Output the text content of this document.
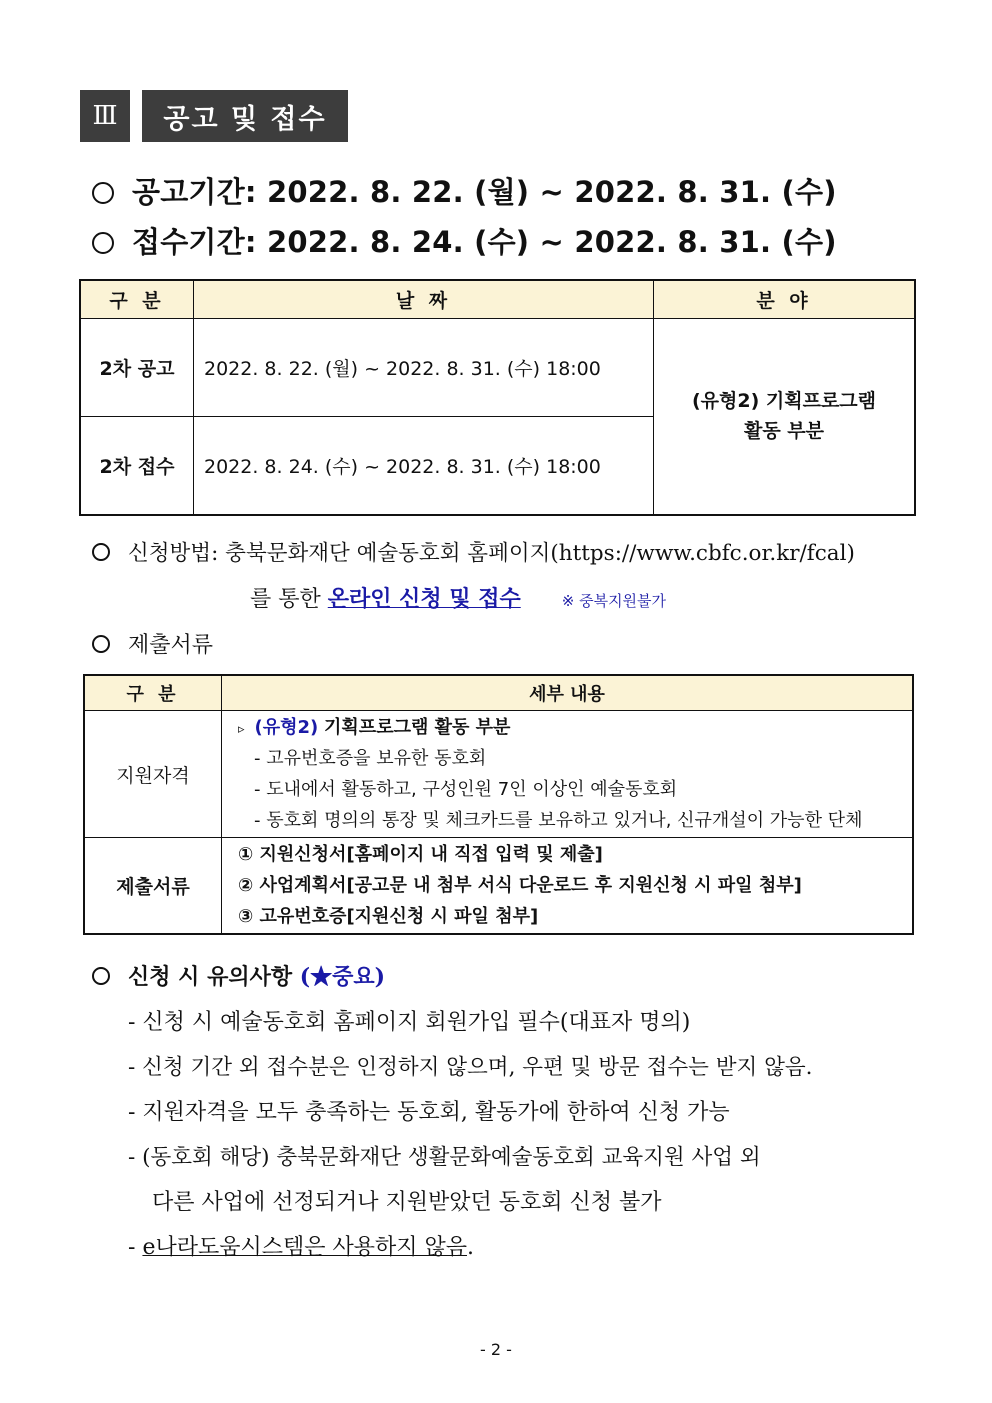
Ⅲ	공고 및 접수
공고기간: 2022. 8. 22. (월) ~ 2022. 8. 31. (수)
접수기간: 2022. 8. 24. (수) ~ 2022. 8. 31. (수)
구 분	날 짜	분 야
2차 공고	2022. 8. 22. (월) ~ 2022. 8. 31. (수) 18:00	(유형2) 기획프로그램
활동 부분

2차 접수	2022. 8. 24. (수) ~ 2022. 8. 31. (수) 18:00	
신청방법: 충북문화재단 예술동호회 홈페이지(https://www.cbfc.or.kr/fcal)
를 통한 온라인 신청 및 접수	※ 중복지원불가
제출서류
구 분	세부 내용
지원자격	▹ (유형2) 기획프로그램 활동 부분
- 고유번호증을 보유한 동호회
- 도내에서 활동하고, 구성인원 7인 이상인 예술동호회
- 동호회 명의의 통장 및 체크카드를 보유하고 있거나, 신규개설이 가능한 단체

제출서류	① 지원신청서[홈페이지 내 직접 입력 및 제출]
② 사업계획서[공고문 내 첨부 서식 다운로드 후 지원신청 시 파일 첨부]
③ 고유번호증[지원신청 시 파일 첨부]
신청 시 유의사항 (★중요)
- 신청 시 예술동호회 홈페이지 회원가입 필수(대표자 명의)
- 신청 기간 외 접수분은 인정하지 않으며, 우편 및 방문 접수는 받지 않음.
- 지원자격을 모두 충족하는 동호회, 활동가에 한하여 신청 가능
- (동호회 해당) 충북문화재단 생활문화예술동호회 교육지원 사업 외
다른 사업에 선정되거나 지원받았던 동호회 신청 불가
- e나라도움시스템은 사용하지 않음.
- 2 -
